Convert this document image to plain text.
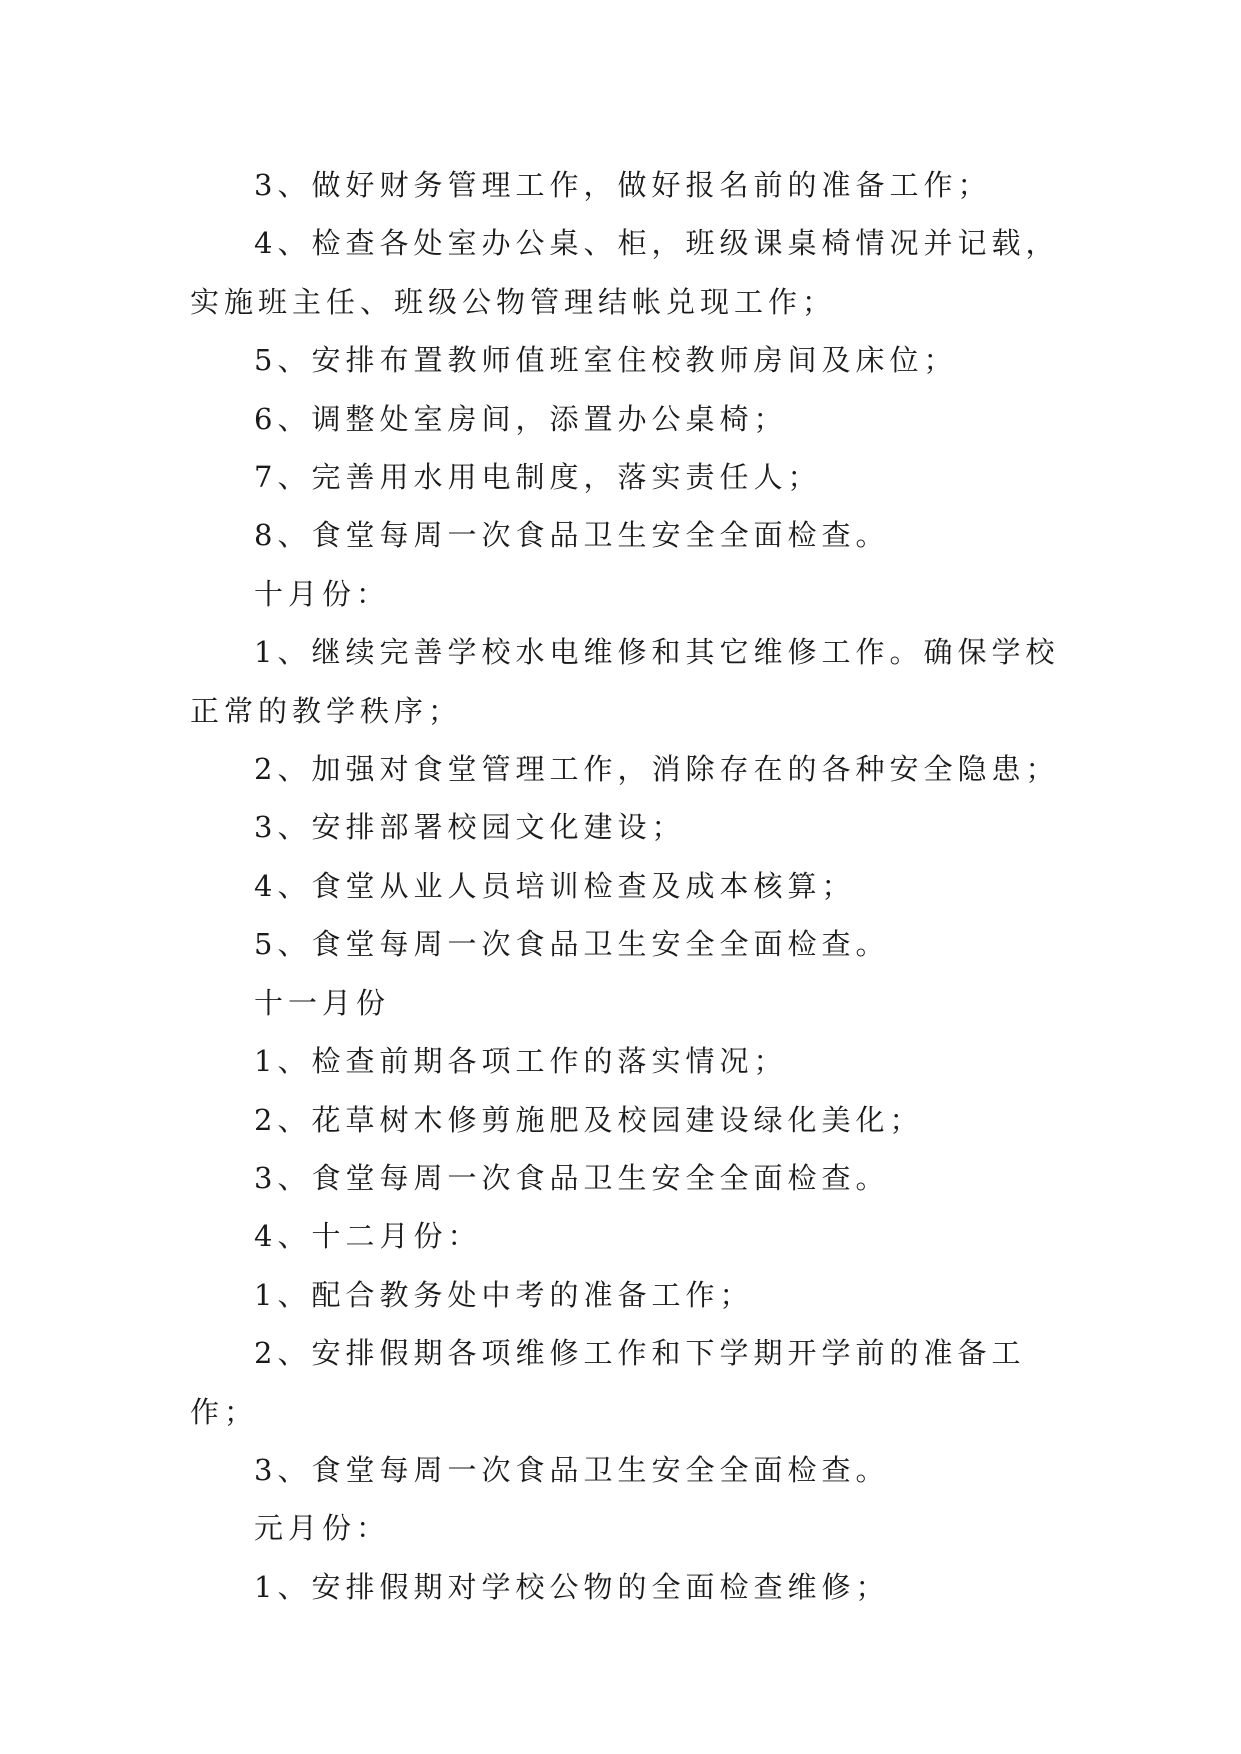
3、做好财务管理工作，做好报名前的准备工作；

4、检查各处室办公桌、柜，班级课桌椅情况并记载，实施班主任、班级公物管理结帐兑现工作；

5、安排布置教师值班室住校教师房间及床位；

6、调整处室房间，添置办公桌椅；

7、完善用水用电制度，落实责任人；

8、食堂每周一次食品卫生安全全面检查。

十月份：

1、继续完善学校水电维修和其它维修工作。确保学校正常的教学秩序；

2、加强对食堂管理工作，消除存在的各种安全隐患；

3、安排部署校园文化建设；

4、食堂从业人员培训检查及成本核算；

5、食堂每周一次食品卫生安全全面检查。

十一月份

1、检查前期各项工作的落实情况；

2、花草树木修剪施肥及校园建设绿化美化；

3、食堂每周一次食品卫生安全全面检查。

4、十二月份：

1、配合教务处中考的准备工作；

2、安排假期各项维修工作和下学期开学前的准备工作；

3、食堂每周一次食品卫生安全全面检查。

元月份：

1、安排假期对学校公物的全面检查维修；
